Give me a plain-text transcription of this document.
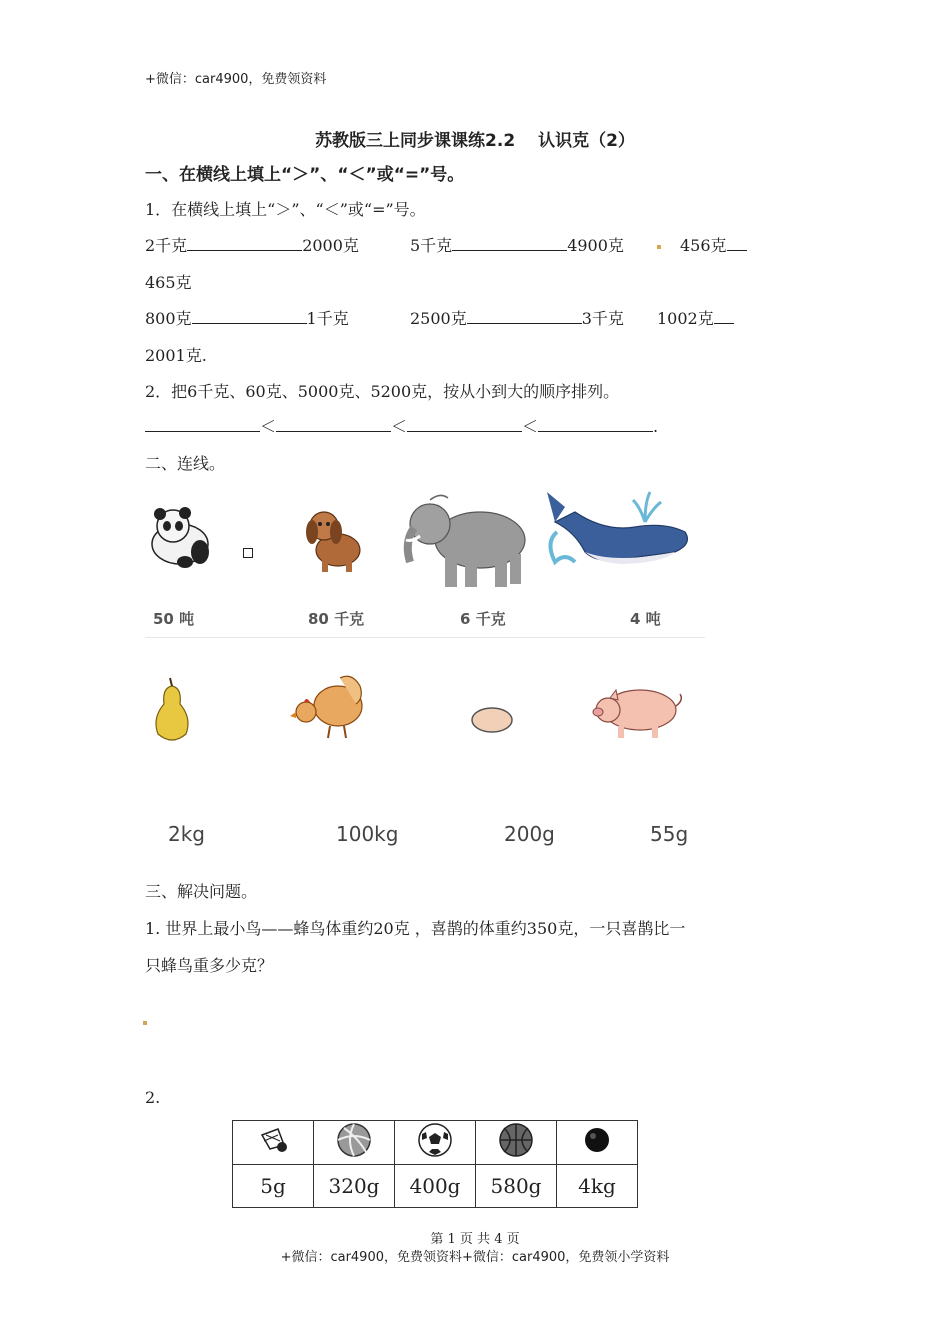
+微信：car4900，免费领资料
苏教版三上同步课课练2.2　 认识克（2）
一、在横线上填上“＞”、“＜”或“=”号。
1．在横线上填上“＞”、“＜”或“=”号。
2千克	2000克	5千克	4900克	456克
465克
800克	1千克	2500克	3千克 1002克
2001克.
2．把6千克、60克、5000克、5200克，按从小到大的顺序排列。
＜	＜	＜	.
二、连线。
50 吨	80 千克	6 千克	4 吨
2kg	100kg	200g	55g
三、解决问题。
1. 世界上最小鸟——蜂鸟体重约20克 ，喜鹊的体重约350克，一只喜鹊比一
只蜂鸟重多少克？
2.

5g	320g	400g	580g	4kg
第 1 页 共 4 页
+微信：car4900，免费领资料+微信：car4900，免费领小学资料
